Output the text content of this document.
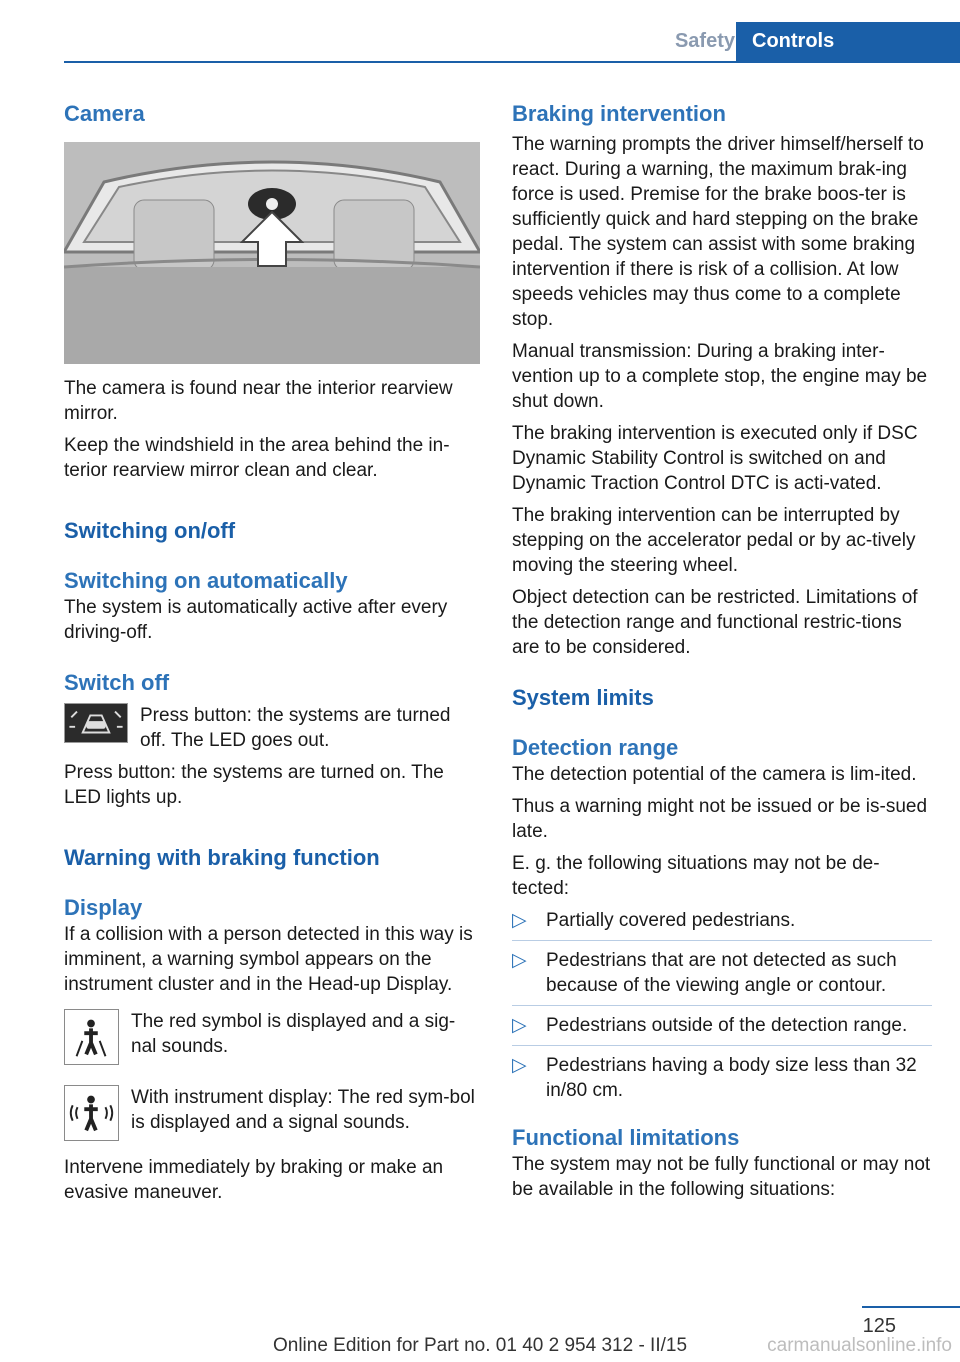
Safety Controls
Camera

The camera is found near the interior rearview mirror.

Keep the windshield in the area behind the in‐terior rearview mirror clean and clear.

Switching on/off
Switching on automatically

The system is automatically active after every driving-off.

Switch off

Press button: the systems are turned off. The LED goes out.

Press button: the systems are turned on. The LED lights up.

Warning with braking function
Display

If a collision with a person detected in this way is imminent, a warning symbol appears on the instrument cluster and in the Head-up Display.

The red symbol is displayed and a sig‐nal sounds.

With instrument display: The red sym‐bol is displayed and a signal sounds.

Intervene immediately by braking or make an evasive maneuver.

Braking intervention

The warning prompts the driver himself/herself to react. During a warning, the maximum brak‐ing force is used. Premise for the brake boos‐ter is sufficiently quick and hard stepping on the brake pedal. The system can assist with some braking intervention if there is risk of a collision. At low speeds vehicles may thus come to a complete stop.

Manual transmission: During a braking inter‐vention up to a complete stop, the engine may be shut down.

The braking intervention is executed only if DSC Dynamic Stability Control is switched on and Dynamic Traction Control DTC is acti‐vated.

The braking intervention can be interrupted by stepping on the accelerator pedal or by ac‐tively moving the steering wheel.

Object detection can be restricted. Limitations of the detection range and functional restric‐tions are to be considered.

System limits
Detection range

The detection potential of the camera is lim‐ited.

Thus a warning might not be issued or be is‐sued late.

E. g. the following situations may not be de‐tected:

▷ Partially covered pedestrians.
▷ Pedestrians that are not detected as such because of the viewing angle or contour.
▷ Pedestrians outside of the detection range.
▷ Pedestrians having a body size less than 32 in/80 cm.
Functional limitations

The system may not be fully functional or may not be available in the following situations:

125
Online Edition for Part no. 01 40 2 954 312 - II/15	carmanualsonline.info
